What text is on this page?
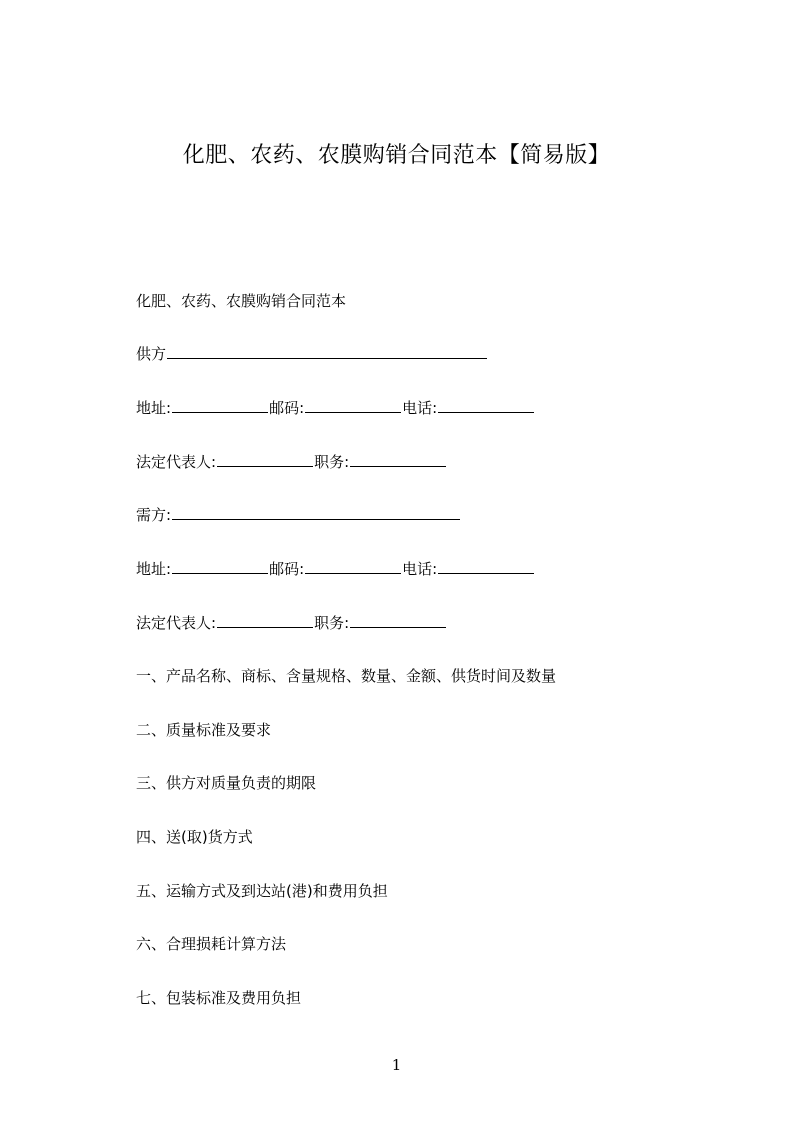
化肥、农药、农膜购销合同范本【简易版】
化肥、农药、农膜购销合同范本
供方
地址:	邮码:	电话:
法定代表人:	职务:
需方:
地址:	邮码:	电话:
法定代表人:	职务:
一、产品名称、商标、含量规格、数量、金额、供货时间及数量
二、质量标准及要求
三、供方对质量负责的期限
四、送(取)货方式
五、运输方式及到达站(港)和费用负担
六、合理损耗计算方法
七、包装标准及费用负担
1
